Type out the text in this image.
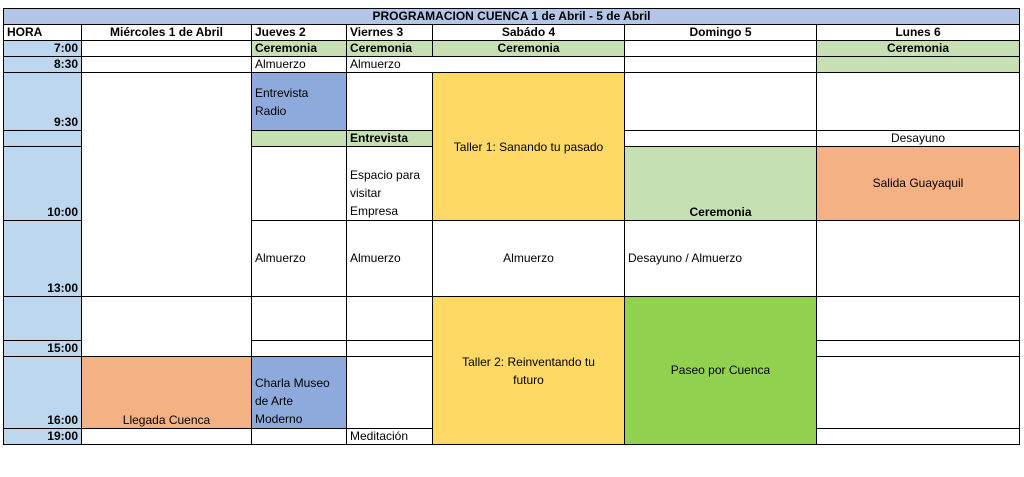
PROGRAMACION CUENCA 1 de Abril - 5 de Abril						
HORA	Miércoles 1 de Abril	Jueves 2	Viernes 3	Sabádo 4	Domingo 5	Lunes 6
7:00		Ceremonia	Ceremonia	Ceremonia		Ceremonia
8:30		Almuerzo	Almuerzo			
9:30		Entrevista Radio		Taller 1: Sanando tu pasado		
			Entrevista			Desayuno
10:00			Espacio para visitar Empresa		Ceremonia	Salida Guayaquil
13:00		Almuerzo	Almuerzo	Almuerzo	Desayuno / Almuerzo	
				Taller 2: Reinventando tu futuro	Paseo por Cuenca	
15:00						
16:00	Llegada Cuenca	Charla Museo de Arte Moderno				
19:00			Meditación			
